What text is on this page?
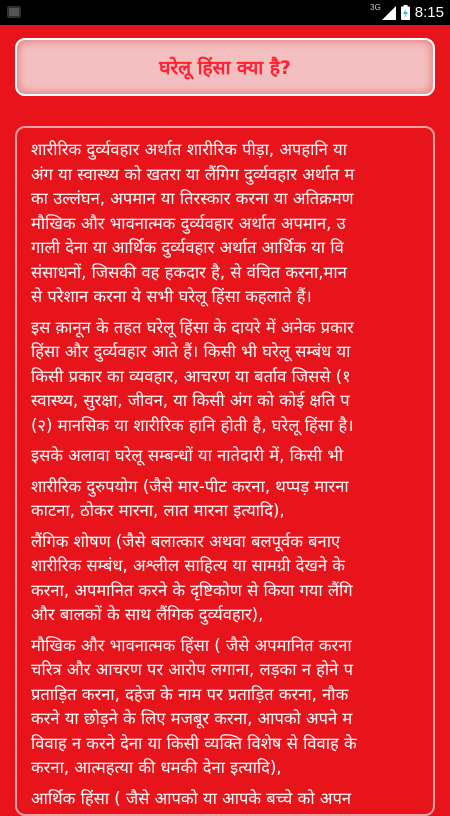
3G 8:15
घरेलू हिंसा क्या है?
शारीरिक दुर्व्यवहार अर्थात शारीरिक पीड़ा, अपहानि या
अंग या स्वास्थ्य को खतरा या लैंगिग दुर्व्यवहार अर्थात म
का उल्लंघन, अपमान या तिरस्कार करना या अतिक्रमण
मौखिक और भावनात्मक दुर्व्यवहार अर्थात अपमान, उ
गाली देना या आर्थिक दुर्व्यवहार अर्थात आर्थिक या वि
संसाधनों, जिसकी वह हकदार है, से वंचित करना,मान
से परेशान करना ये सभी घरेलू हिंसा कहलाते हैं।
इस क़ानून के तहत घरेलू हिंसा के दायरे में अनेक प्रकार
हिंसा और दुर्व्यवहार आते हैं। किसी भी घरेलू सम्बंध या
किसी प्रकार का व्यवहार, आचरण या बर्ताव जिससे (१
स्वास्थ्य, सुरक्षा, जीवन, या किसी अंग को कोई क्षति प
(२) मानसिक या शारीरिक हानि होती है, घरेलू हिंसा है।
इसके अलावा घरेलू सम्बन्धों या नातेदारी में, किसी भी
शारीरिक दुरुपयोग (जैसे मार-पीट करना, थप्पड़ मारना
काटना, ठोकर मारना, लात मारना इत्यादि),
लैंगिक शोषण (जैसे बलात्कार अथवा बलपूर्वक बनाए
शारीरिक सम्बंध, अश्लील साहित्य या सामग्री देखने के
करना, अपमानित करने के दृष्टिकोण से किया गया लैंगि
और बालकों के साथ लैंगिक दुर्व्यवहार),
मौखिक और भावनात्मक हिंसा ( जैसे अपमानित करना
चरित्र और आचरण पर आरोप लगाना, लड़का न होने प
प्रताड़ित करना, दहेज के नाम पर प्रताड़ित करना, नौक
करने या छोड़ने के लिए मजबूर करना, आपको अपने म
विवाह न करने देना या किसी व्यक्ति विशेष से विवाह के
करना, आत्महत्या की धमकी देना इत्यादि),
आर्थिक हिंसा ( जैसे आपको या आपके बच्चे को अपन
